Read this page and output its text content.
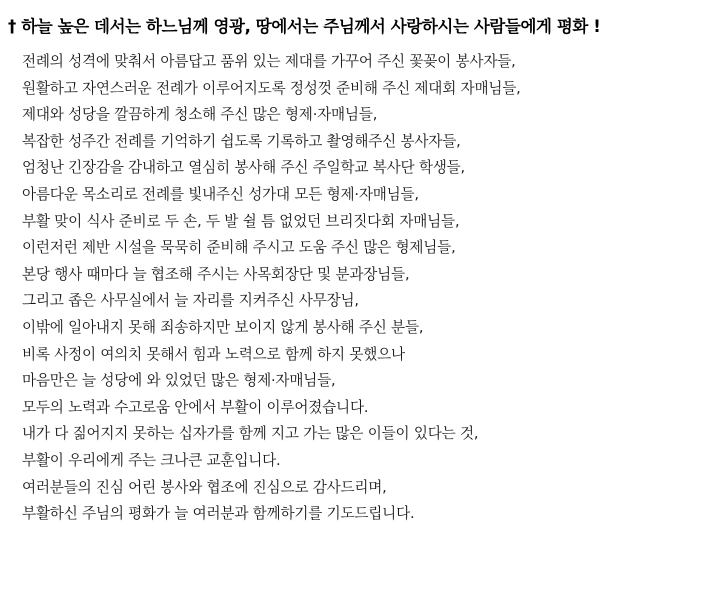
† 하늘 높은 데서는 하느님께 영광, 땅에서는 주님께서 사랑하시는 사람들에게 평화 !
전례의 성격에 맞춰서 아름답고 품위 있는 제대를 가꾸어 주신 꽃꽂이 봉사자들,
원활하고 자연스러운 전례가 이루어지도록 정성껏 준비해 주신 제대회 자매님들,
제대와 성당을 깔끔하게 청소해 주신 많은 형제·자매님들,
복잡한 성주간 전례를 기억하기 쉽도록 기록하고 촬영해주신 봉사자들,
엄청난 긴장감을 감내하고 열심히 봉사해 주신 주일학교 복사단 학생들,
아름다운 목소리로 전례를 빛내주신 성가대 모든 형제·자매님들,
부활 맞이 식사 준비로 두 손, 두 발 쉴 틈 없었던 브리짓다회 자매님들,
이런저런 제반 시설을 묵묵히 준비해 주시고 도움 주신 많은 형제님들,
본당 행사 때마다 늘 협조해 주시는 사목회장단 및 분과장님들,
그리고 좁은 사무실에서 늘 자리를 지켜주신 사무장님,
이밖에 일아내지 못해 죄송하지만 보이지 않게 봉사해 주신 분들,
비록 사정이 여의치 못해서 힘과 노력으로 함께 하지 못했으나
마음만은 늘 성당에 와 있었던 많은 형제·자매님들,
모두의 노력과 수고로움 안에서 부활이 이루어졌습니다.
내가 다 짊어지지 못하는 십자가를 함께 지고 가는 많은 이들이 있다는 것,
부활이 우리에게 주는 크나큰 교훈입니다.
여러분들의 진심 어린 봉사와 협조에 진심으로 감사드리며,
부활하신 주님의 평화가 늘 여러분과 함께하기를 기도드립니다.
